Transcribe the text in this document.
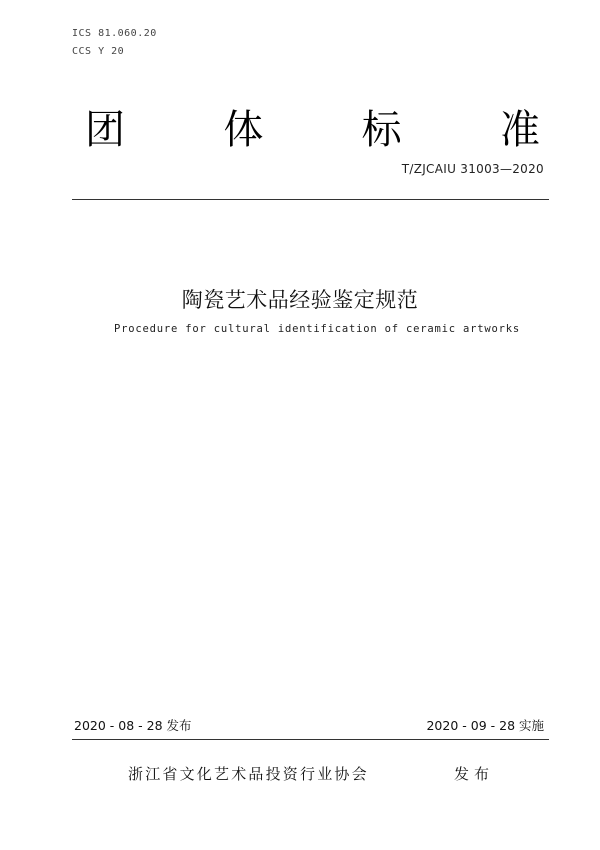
ICS 81.060.20
CCS Y 20
团 体 标 准
T/ZJCAIU 31003—2020
陶瓷艺术品经验鉴定规范
Procedure for cultural identification of ceramic artworks
2020 - 08 - 28 发布	2020 - 09 - 28 实施
浙江省文化艺术品投资行业协会	发布
